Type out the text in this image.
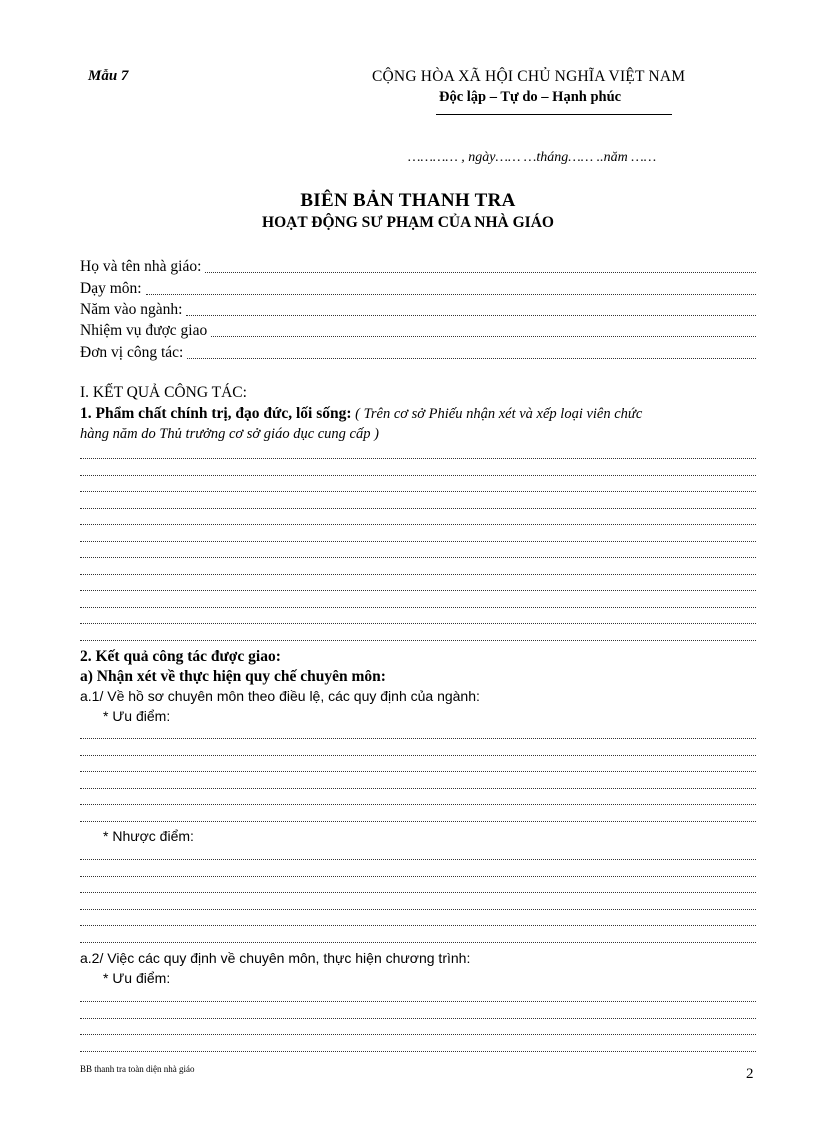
Mẫu 7	CỘNG HÒA XÃ HỘI CHỦ NGHĨA VIỆT NAM
Độc lập – Tự do – Hạnh phúc
………… , ngày…… …tháng…… ..năm ……
BIÊN BẢN THANH TRA
HOẠT ĐỘNG SƯ PHẠM CỦA NHÀ GIÁO
Họ và tên nhà giáo:
Dạy môn:
Năm vào ngành:
Nhiệm vụ được giao
Đơn vị công tác:
I. KẾT QUẢ CÔNG TÁC:
1. Phẩm chất chính trị, đạo đức, lối sống: ( Trên cơ sở Phiếu nhận xét và xếp loại viên chức
hàng năm do Thủ trưởng cơ sở giáo dục cung cấp )
2. Kết quả công tác được giao:
a) Nhận xét về thực hiện quy chế chuyên môn:
a.1/ Về hồ sơ chuyên môn theo điều lệ, các quy định của ngành:
* Ưu điểm:
* Nhược điểm:
a.2/ Việc các quy định về chuyên môn, thực hiện chương trình:
* Ưu điểm:
BB thanh tra toàn diện nhà giáo	2
